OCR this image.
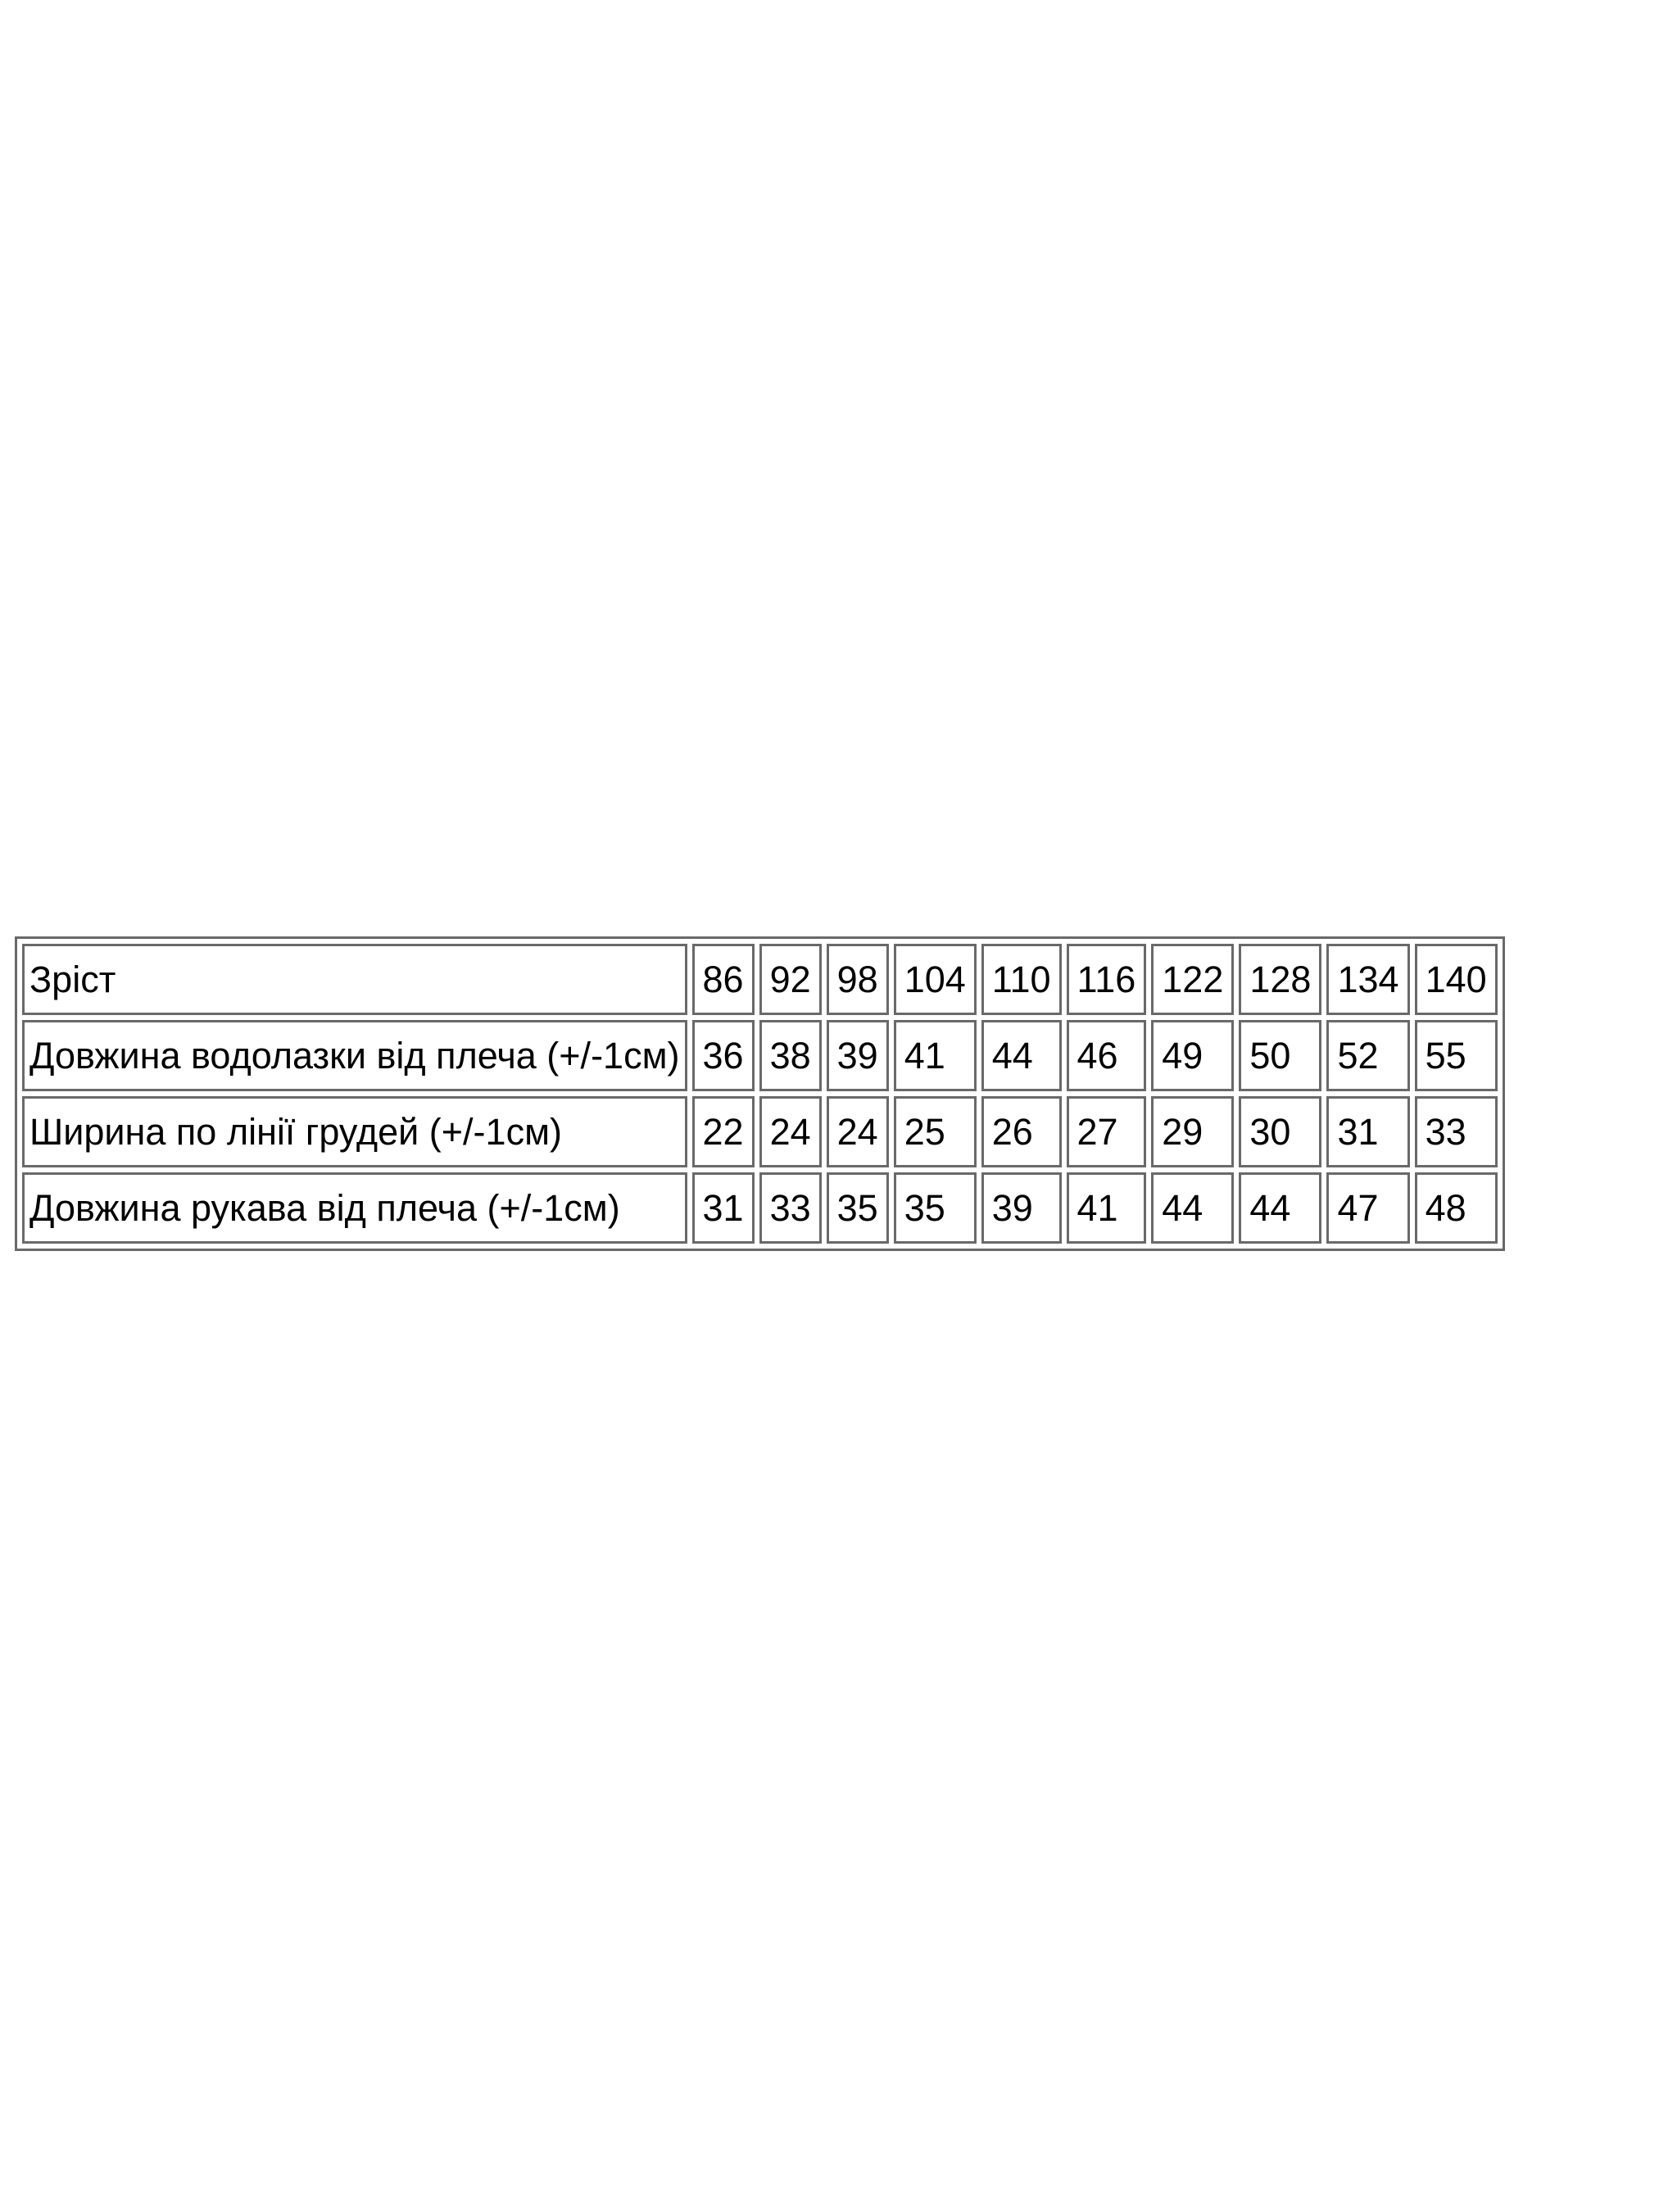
Зріст	86	92	98	104	110	116	122	128	134	140
Довжина водолазки від плеча (+/-1см)	36	38	39	41	44	46	49	50	52	55
Ширина по лінії грудей (+/-1см)	22	24	24	25	26	27	29	30	31	33
Довжина рукава від плеча (+/-1см)	31	33	35	35	39	41	44	44	47	48
